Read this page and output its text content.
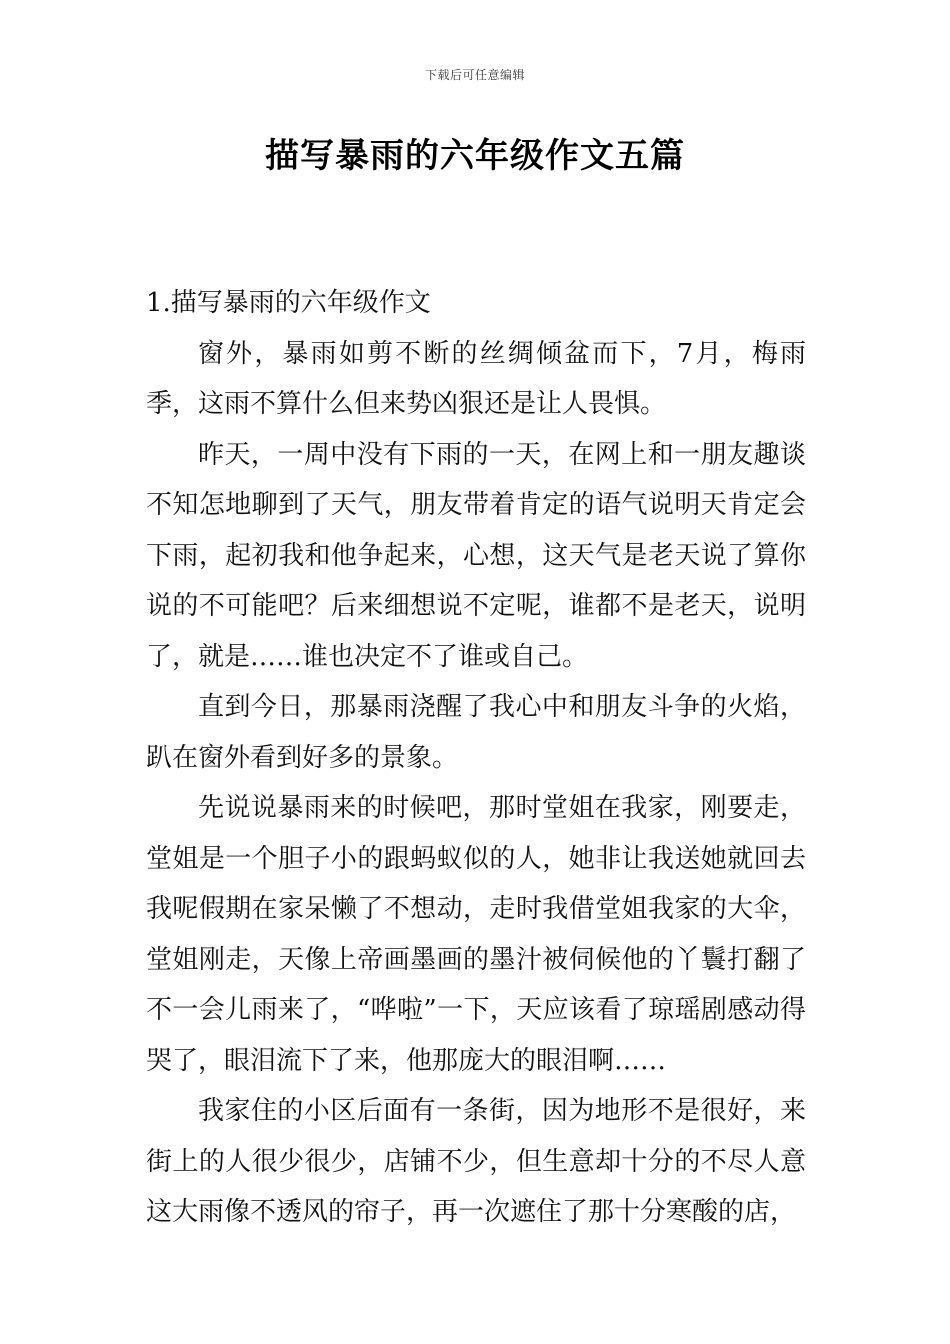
下载后可任意编辑
描写暴雨的六年级作文五篇

1.描写暴雨的六年级作文

窗外，暴雨如剪不断的丝绸倾盆而下，7月，梅雨季，这雨不算什么但来势凶狠还是让人畏惧。

昨天，一周中没有下雨的一天，在网上和一朋友趣谈不知怎地聊到了天气，朋友带着肯定的语气说明天肯定会下雨，起初我和他争起来，心想，这天气是老天说了算你说的不可能吧？后来细想说不定呢，谁都不是老天，说明了，就是……谁也决定不了谁或自己。

直到今日，那暴雨浇醒了我心中和朋友斗争的火焰，趴在窗外看到好多的景象。

先说说暴雨来的时候吧，那时堂姐在我家，刚要走，堂姐是一个胆子小的跟蚂蚁似的人，她非让我送她就回去我呢假期在家呆懒了不想动，走时我借堂姐我家的大伞，堂姐刚走，天像上帝画墨画的墨汁被伺候他的丫鬟打翻了不一会儿雨来了，“哗啦”一下，天应该看了琼瑶剧感动得哭了，眼泪流下了来，他那庞大的眼泪啊……

我家住的小区后面有一条街，因为地形不是很好，来街上的人很少很少，店铺不少，但生意却十分的不尽人意这大雨像不透风的帘子，再一次遮住了那十分寒酸的店，
